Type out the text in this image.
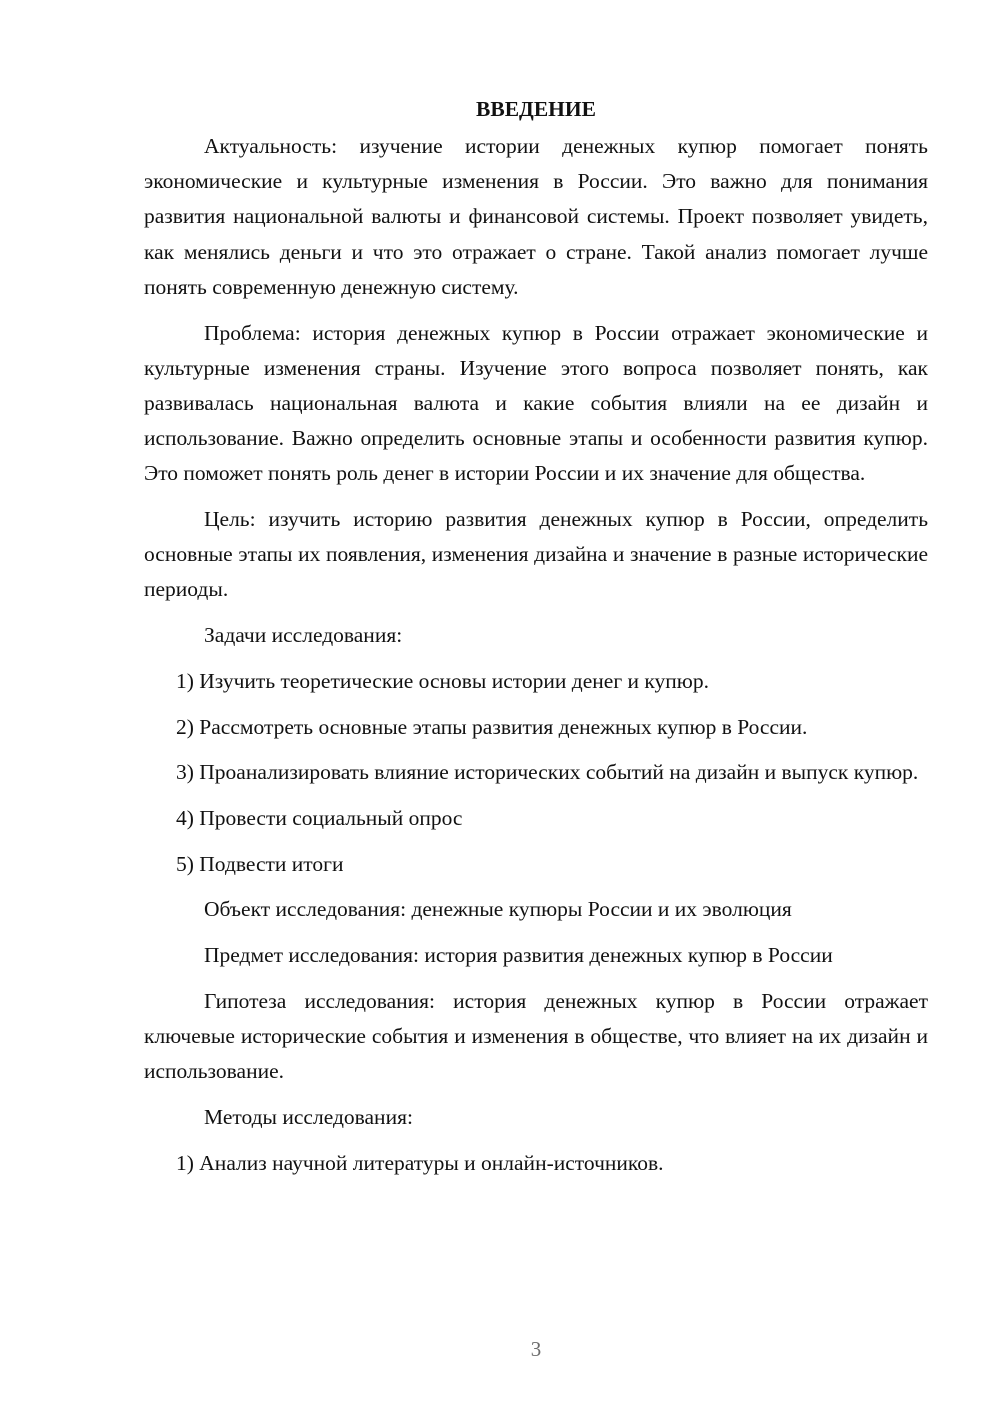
ВВЕДЕНИЕ

Актуальность: изучение истории денежных купюр помогает понять экономические и культурные изменения в России. Это важно для понимания развития национальной валюты и финансовой системы. Проект позволяет увидеть, как менялись деньги и что это отражает о стране. Такой анализ помогает лучше понять современную денежную систему.

Проблема: история денежных купюр в России отражает экономические и культурные изменения страны. Изучение этого вопроса позволяет понять, как развивалась национальная валюта и какие события влияли на ее дизайн и использование. Важно определить основные этапы и особенности развития купюр. Это поможет понять роль денег в истории России и их значение для общества.

Цель: изучить историю развития денежных купюр в России, определить основные этапы их появления, изменения дизайна и значение в разные исторические периоды.

Задачи исследования:

1) Изучить теоретические основы истории денег и купюр.

2) Рассмотреть основные этапы развития денежных купюр в России.

3) Проанализировать влияние исторических событий на дизайн и выпуск купюр.

4) Провести социальный опрос

5) Подвести итоги

Объект исследования: денежные купюры России и их эволюция

Предмет исследования: история развития денежных купюр в России

Гипотеза исследования: история денежных купюр в России отражает ключевые исторические события и изменения в обществе, что влияет на их дизайн и использование.

Методы исследования:

1) Анализ научной литературы и онлайн-источников.

3
